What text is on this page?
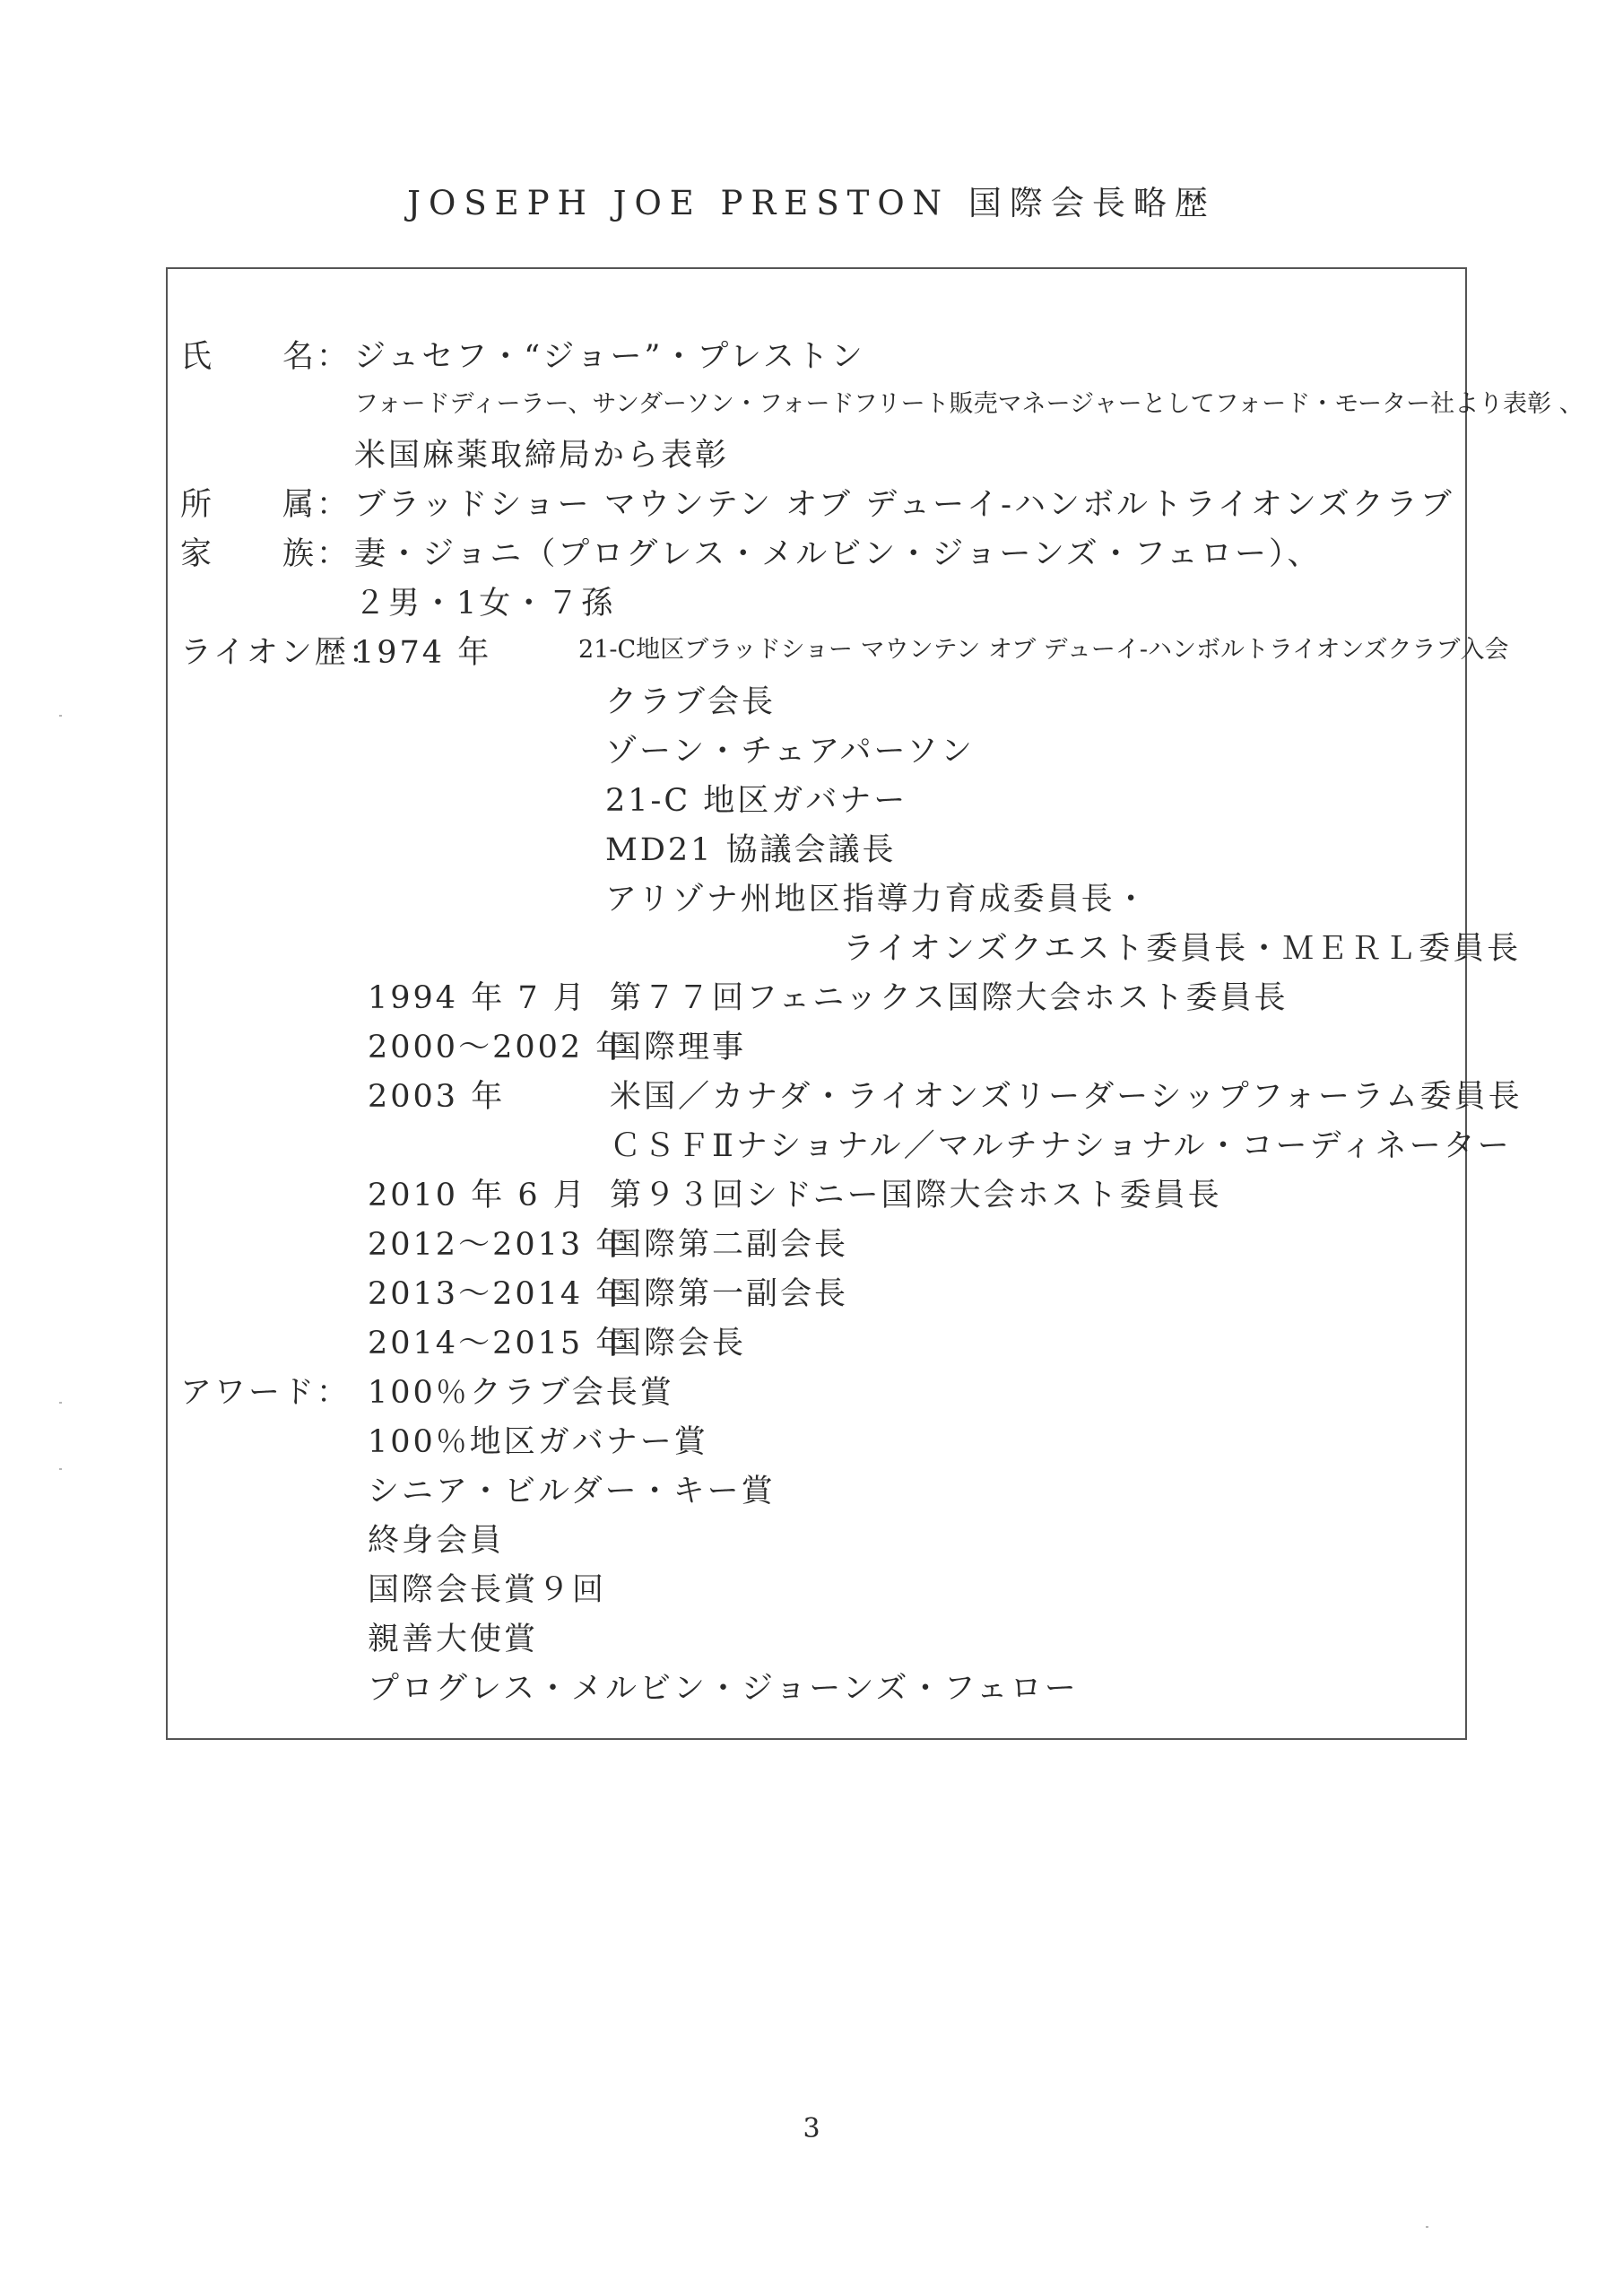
JOSEPH JOE PRESTON 国際会長略歴
氏　　名： ジュセフ・“ジョー”・プレストン
フォードディーラー、サンダーソン・フォードフリート販売マネージャーとしてフォード・モーター社より表彰 、
米国麻薬取締局から表彰
所　　属： ブラッドショー マウンテン オブ デューイ-ハンボルトライオンズクラブ
家　　族： 妻・ジョニ（プログレス・メルビン・ジョーンズ・フェロー）、
２男・1女・７孫
ライオン歴：
1974 年	21-C地区ブラッドショー マウンテン オブ デューイ-ハンボルトライオンズクラブ入会
クラブ会長
ゾーン・チェアパーソン
21-C 地区ガバナー
MD21 協議会議長
アリゾナ州地区指導力育成委員長・
ライオンズクエスト委員長・ＭＥＲＬ委員長
1994 年 7 月 第７７回フェニックス国際大会ホスト委員長
2000～2002 年
国際理事
2003 年	米国／カナダ・ライオンズリーダーシップフォーラム委員長
ＣＳＦⅡナショナル／マルチナショナル・コーディネーター
2010 年 6 月 第９３回シドニー国際大会ホスト委員長
2012～2013 年
国際第二副会長
2013～2014 年
国際第一副会長
2014～2015 年
国際会長
アワード： 100％クラブ会長賞
100％地区ガバナー賞
シニア・ビルダー・キー賞
終身会員
国際会長賞９回
親善大使賞
プログレス・メルビン・ジョーンズ・フェロー
3
